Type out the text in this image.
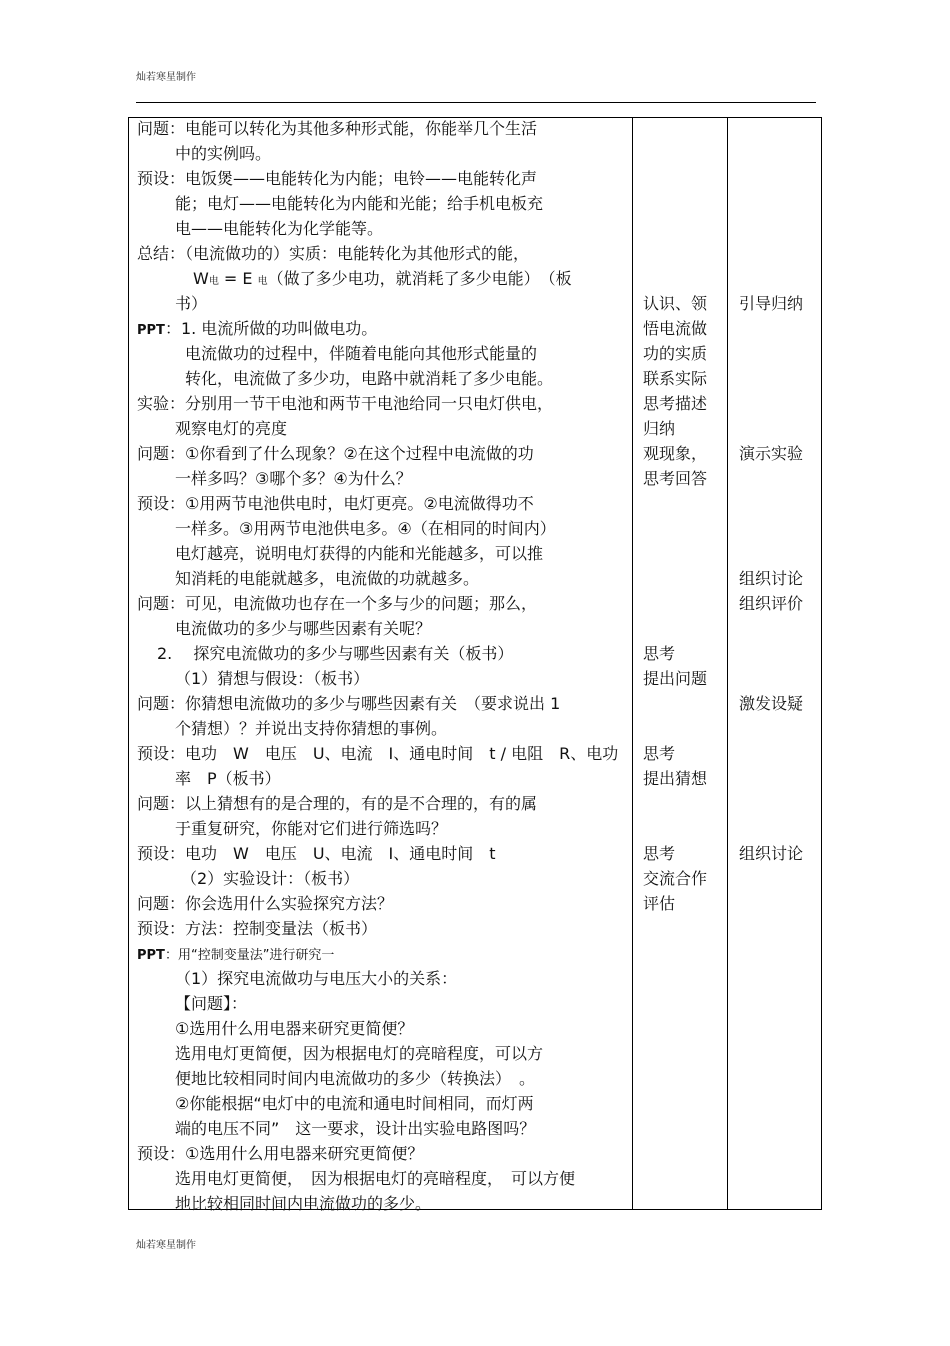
灿若寒星制作
问题：电能可以转化为其他多种形式能，你能举几个生活
中的实例吗。
预设：电饭煲——电能转化为内能；电铃——电能转化声
能；电灯——电能转化为内能和光能；给手机电板充
电——电能转化为化学能等。
总结：（电流做功的）实质：电能转化为其他形式的能，
W电 = E 电（做了多少电功，就消耗了多少电能）　（板
书）
PPT：1. 电流所做的功叫做电功。
电流做功的过程中，伴随着电能向其他形式能量的
转化，电流做了多少功，电路中就消耗了多少电能。
实验：分别用一节干电池和两节干电池给同一只电灯供电，
观察电灯的亮度
问题：①你看到了什么现象？②在这个过程中电流做的功
一样多吗？③哪个多？④为什么？
预设：①用两节电池供电时，电灯更亮。②电流做得功不
一样多。③用两节电池供电多。④（在相同的时间内）
电灯越亮，说明电灯获得的内能和光能越多，可以推
知消耗的电能就越多，电流做的功就越多。
问题：可见，电流做功也存在一个多与少的问题；那么，
电流做功的多少与哪些因素有关呢？
2.　 探究电流做功的多少与哪些因素有关（板书）
（1）猜想与假设：（板书）
问题：你猜想电流做功的多少与哪些因素有关　（要求说出 1
个猜想）？并说出支持你猜想的事例。
预设：电功　W　电压　U、电流　I、通电时间　t / 电阻　R、电功
率　P（板书）
问题：以上猜想有的是合理的，有的是不合理的，有的属
于重复研究，你能对它们进行筛选吗？
预设：电功　W　电压　U、电流　I、通电时间　t
（2）实验设计：（板书）
问题：你会选用什么实验探究方法？
预设：方法：控制变量法（板书）
PPT：用“控制变量法”进行研究一
（1）探究电流做功与电压大小的关系：
【问题】：
①选用什么用电器来研究更简便？
选用电灯更简便，因为根据电灯的亮暗程度，可以方
便地比较相同时间内电流做功的多少（转换法）　。
②你能根据“电灯中的电流和通电时间相同，而灯两
端的电压不同”　这一要求，设计出实验电路图吗？
预设：①选用什么用电器来研究更简便？
选用电灯更简便，　因为根据电灯的亮暗程度，　可以方便
地比较相同时间内电流做功的多少。
认识、领
悟电流做
功的实质
联系实际
思考描述
归纳
观现象，
思考回答
思考
提出问题
思考
提出猜想
思考
交流合作
评估
引导归纳
演示实验
组织讨论
组织评价
激发设疑
组织讨论
灿若寒星制作
